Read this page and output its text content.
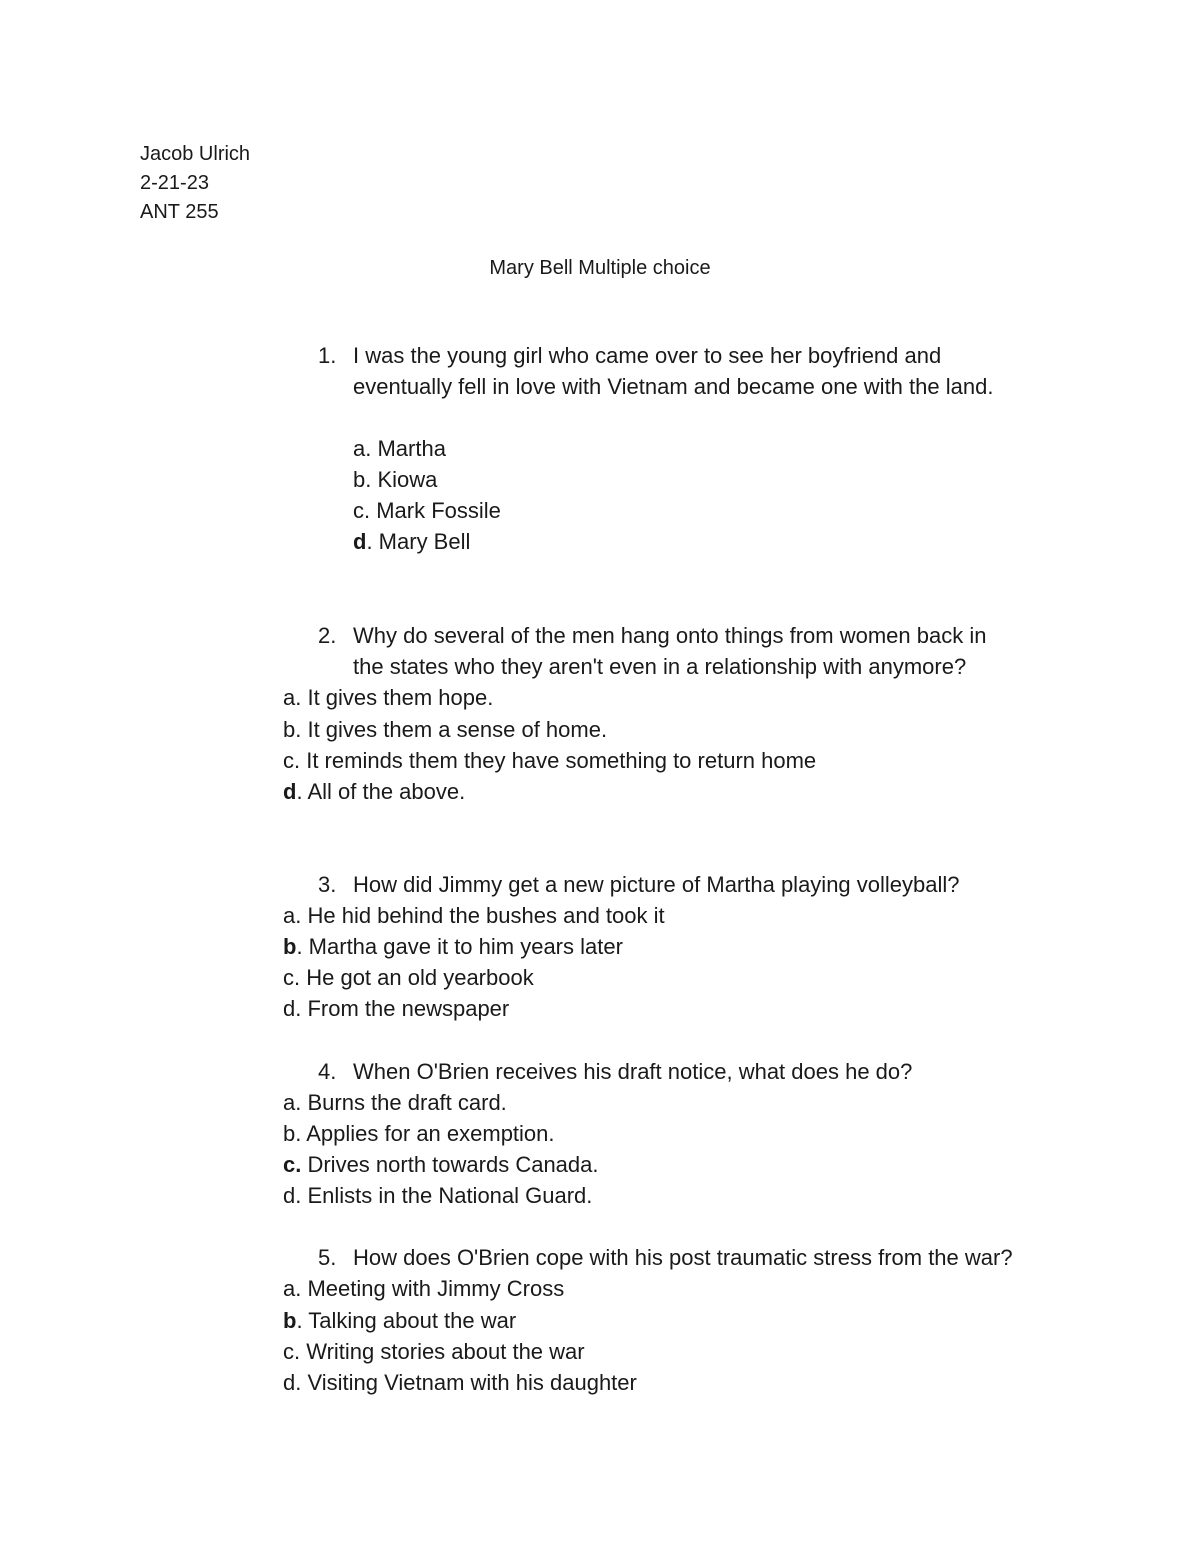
Jacob Ulrich
2-21-23
ANT 255
Mary Bell Multiple choice
1. I was the young girl who came over to see her boyfriend and
eventually fell in love with Vietnam and became one with the land.
a. Martha
b. Kiowa
c. Mark Fossile
d. Mary Bell
2. Why do several of the men hang onto things from women back in
the states who they aren't even in a relationship with anymore?
a. It gives them hope.
b. It gives them a sense of home.
c. It reminds them they have something to return home
d. All of the above.
3. How did Jimmy get a new picture of Martha playing volleyball?
a. He hid behind the bushes and took it
b. Martha gave it to him years later
c. He got an old yearbook
d. From the newspaper
4. When O'Brien receives his draft notice, what does he do?
a. Burns the draft card.
b. Applies for an exemption.
c. Drives north towards Canada.
d. Enlists in the National Guard.
5. How does O'Brien cope with his post traumatic stress from the war?
a. Meeting with Jimmy Cross
b. Talking about the war
c. Writing stories about the war
d. Visiting Vietnam with his daughter
